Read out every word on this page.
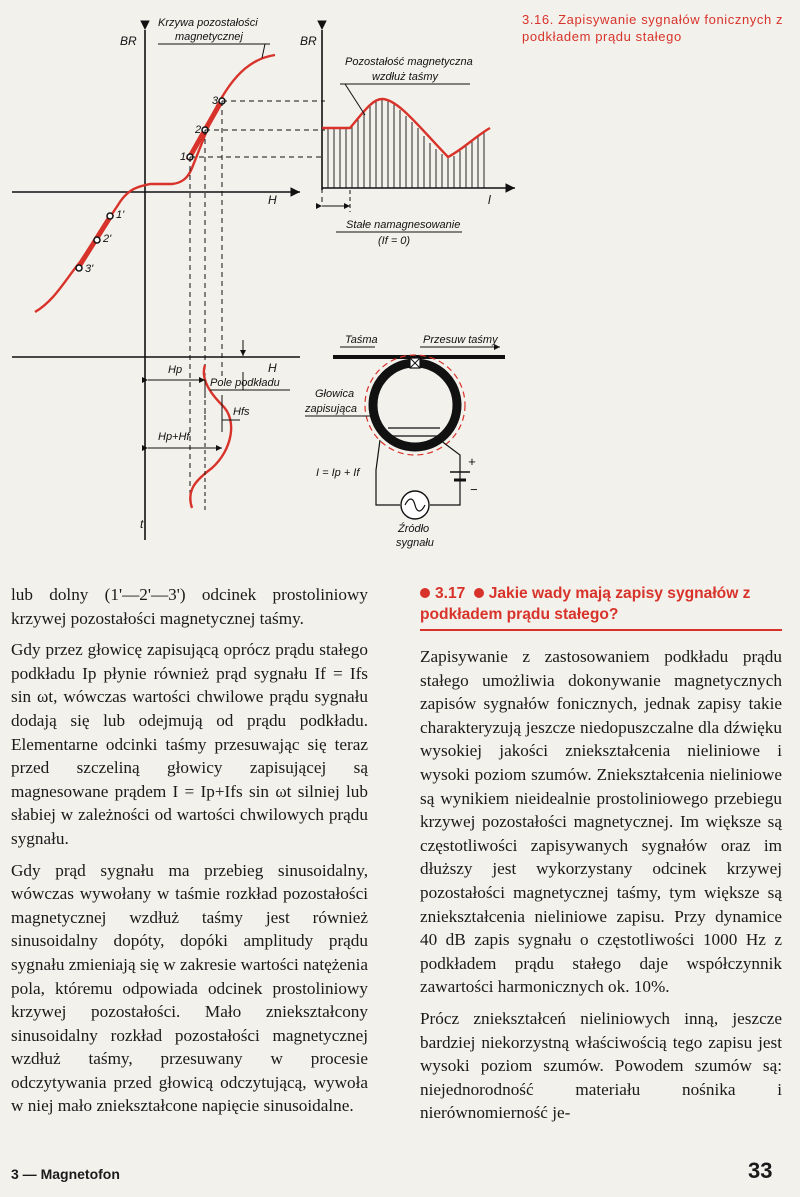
BR
H
H
t
1
2
3
1'
2'
3'
Krzywa pozostałości
magnetycznej	BR
l
Pozostałość magnetyczna
wzdłuż taśmy
Stałe namagnesowanie
(If = 0)
Hp
Hp+Hf
Hfs
Pole podkładu
Taśma	Przesuw taśmy
Głowica
zapisująca
+
−
I = Ip + If
Źródło
sygnału
3.16. Zapisywanie sygnałów fonicznych z podkładem prądu stałego

lub dolny (1'—2'—3') odcinek prostoliniowy krzywej pozostałości magnetycznej taśmy.

Gdy przez głowicę zapisującą oprócz prądu stałego podkładu Ip płynie również prąd sygnału If = Ifs sin ωt, wówczas wartości chwilowe prądu sygnału dodają się lub odejmują od prądu podkładu. Elementarne odcinki taśmy przesuwając się teraz przed szczeliną głowicy zapisującej są magnesowane prądem I = Ip+Ifs sin ωt silniej lub słabiej w zależności od wartości chwilowych prądu sygnału.

Gdy prąd sygnału ma przebieg sinusoidalny, wówczas wywołany w taśmie rozkład pozostałości magnetycznej wzdłuż taśmy jest również sinusoidalny dopóty, dopóki amplitudy prądu sygnału zmieniają się w zakresie wartości natężenia pola, któremu odpowiada odcinek prostoliniowy krzywej pozostałości. Mało zniekształcony sinusoidalny rozkład pozostałości magnetycznej wzdłuż taśmy, przesuwany w procesie odczytywania przed głowicą odczytującą, wywoła w niej mało zniekształcone napięcie sinusoidalne.

3.17 Jakie wady mają zapisy sygnałów z podkładem prądu stałego?

Zapisywanie z zastosowaniem podkładu prądu stałego umożliwia dokonywanie magnetycznych zapisów sygnałów fonicznych, jednak zapisy takie charakteryzują jeszcze niedopuszczalne dla dźwięku wysokiej jakości zniekształcenia nieliniowe i wysoki poziom szumów. Zniekształcenia nieliniowe są wynikiem nieidealnie prostoliniowego przebiegu krzywej pozostałości magnetycznej. Im większe są częstotliwości zapisywanych sygnałów oraz im dłuższy jest wykorzystany odcinek krzywej pozostałości magnetycznej taśmy, tym większe są zniekształcenia nieliniowe zapisu. Przy dynamice 40 dB zapis sygnału o częstotliwości 1000 Hz z podkładem prądu stałego daje współczynnik zawartości harmonicznych ok. 10%.

Prócz zniekształceń nieliniowych inną, jeszcze bardziej niekorzystną właściwością tego zapisu jest wysoki poziom szumów. Powodem szumów są: niejednorodność materiału nośnika i nierównomierność je-

3 — Magnetofon	33
